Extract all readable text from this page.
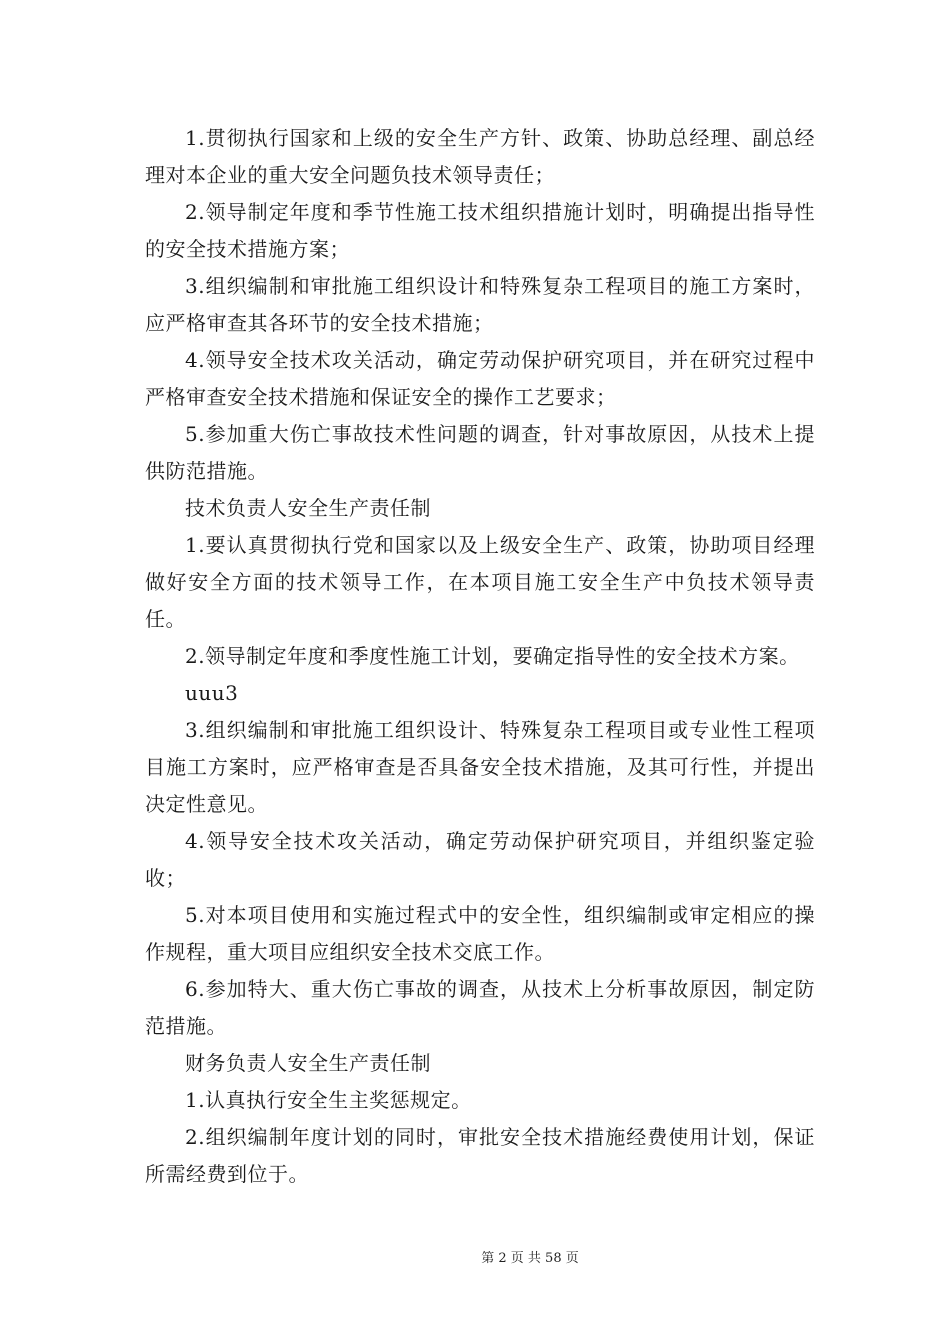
1.贯彻执行国家和上级的安全生产方针、政策、协助总经理、副总经理对本企业的重大安全问题负技术领导责任；

2.领导制定年度和季节性施工技术组织措施计划时，明确提出指导性的安全技术措施方案；

3.组织编制和审批施工组织设计和特殊复杂工程项目的施工方案时，应严格审查其各环节的安全技术措施；

4.领导安全技术攻关活动，确定劳动保护研究项目，并在研究过程中严格审查安全技术措施和保证安全的操作工艺要求；

5.参加重大伤亡事故技术性问题的调查，针对事故原因，从技术上提供防范措施。

技术负责人安全生产责任制

1.要认真贯彻执行党和国家以及上级安全生产、政策，协助项目经理做好安全方面的技术领导工作，在本项目施工安全生产中负技术领导责任。

2.领导制定年度和季度性施工计划，要确定指导性的安全技术方案。

uuu3

3.组织编制和审批施工组织设计、特殊复杂工程项目或专业性工程项目施工方案时，应严格审查是否具备安全技术措施，及其可行性，并提出决定性意见。

4.领导安全技术攻关活动，确定劳动保护研究项目，并组织鉴定验收；

5.对本项目使用和实施过程式中的安全性，组织编制或审定相应的操作规程，重大项目应组织安全技术交底工作。

6.参加特大、重大伤亡事故的调查，从技术上分析事故原因，制定防范措施。

财务负责人安全生产责任制

1.认真执行安全生主奖惩规定。

2.组织编制年度计划的同时，审批安全技术措施经费使用计划，保证所需经费到位于。

第 2 页 共 58 页
